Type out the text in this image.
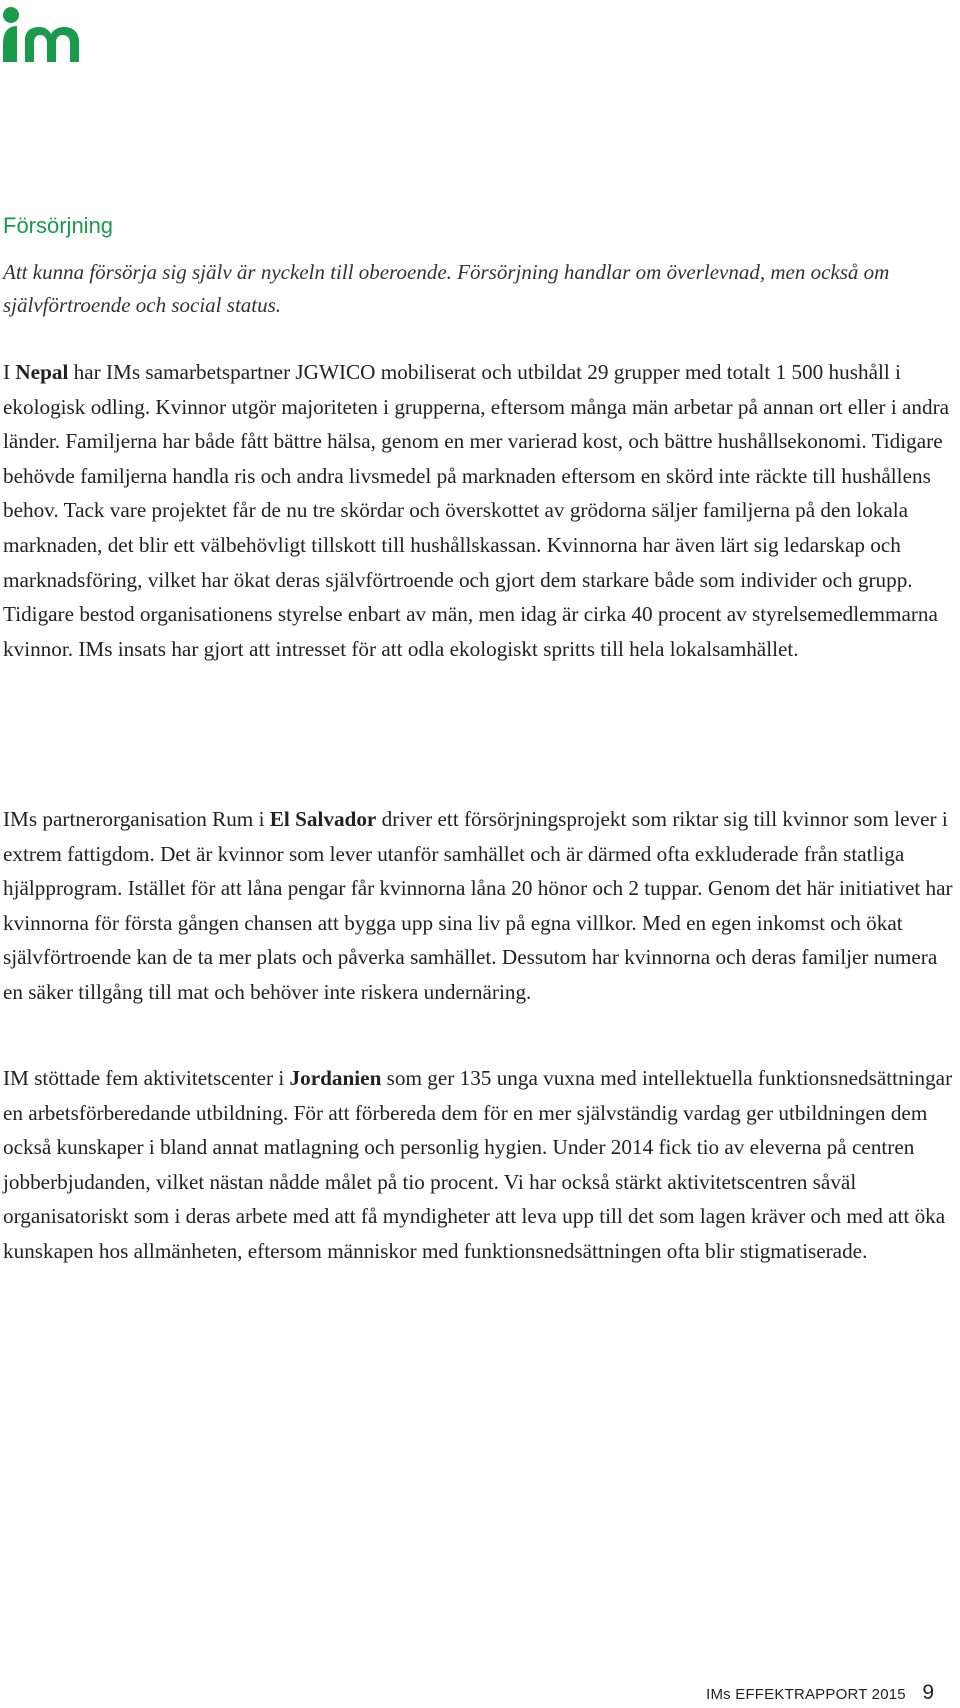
Försörjning

Att kunna försörja sig själv är nyckeln till oberoende. Försörjning handlar om överlevnad, men också om självförtroende och social status.

I Nepal har IMs samarbetspartner JGWICO mobiliserat och utbildat 29 grupper med totalt 1 500 hushåll i ekologisk odling. Kvinnor utgör majoriteten i grupperna, eftersom många män arbetar på annan ort eller i andra länder. Familjerna har både fått bättre hälsa, genom en mer varierad kost, och bättre hushållsekonomi. Tidigare behövde familjerna handla ris och andra livsmedel på marknaden eftersom en skörd inte räckte till hushållens behov. Tack vare projektet får de nu tre skördar och överskottet av grödorna säljer familjerna på den lokala marknaden, det blir ett välbehövligt tillskott till hushållskassan. Kvinnorna har även lärt sig ledarskap och marknadsföring, vilket har ökat deras självförtroende och gjort dem starkare både som individer och grupp. Tidigare bestod organisationens styrelse enbart av män, men idag är cirka 40 procent av styrelsemedlemmarna kvinnor. IMs insats har gjort att intresset för att odla ekologiskt spritts till hela lokalsamhället.

IMs partnerorganisation Rum i El Salvador driver ett försörjningsprojekt som riktar sig till kvinnor som lever i extrem fattigdom. Det är kvinnor som lever utanför samhället och är därmed ofta exkluderade från statliga hjälpprogram. Istället för att låna pengar får kvinnorna låna 20 hönor och 2 tuppar. Genom det här initiativet har kvinnorna för första gången chansen att bygga upp sina liv på egna villkor. Med en egen inkomst och ökat självförtroende kan de ta mer plats och påverka samhället. Dessutom har kvinnorna och deras familjer numera en säker tillgång till mat och behöver inte riskera undernäring.

IM stöttade fem aktivitetscenter i Jordanien som ger 135 unga vuxna med intellektuella funktionsnedsättningar en arbetsförberedande utbildning. För att förbereda dem för en mer självständig vardag ger utbildningen dem också kunskaper i bland annat matlagning och personlig hygien. Under 2014 fick tio av eleverna på centren jobberbjudanden, vilket nästan nådde målet på tio procent. Vi har också stärkt aktivitetscentren såväl organisatoriskt som i deras arbete med att få myndigheter att leva upp till det som lagen kräver och med att öka kunskapen hos allmänheten, eftersom människor med funktionsnedsättningen ofta blir stigmatiserade.

IMs EFFEKTRAPPORT 2015 9
